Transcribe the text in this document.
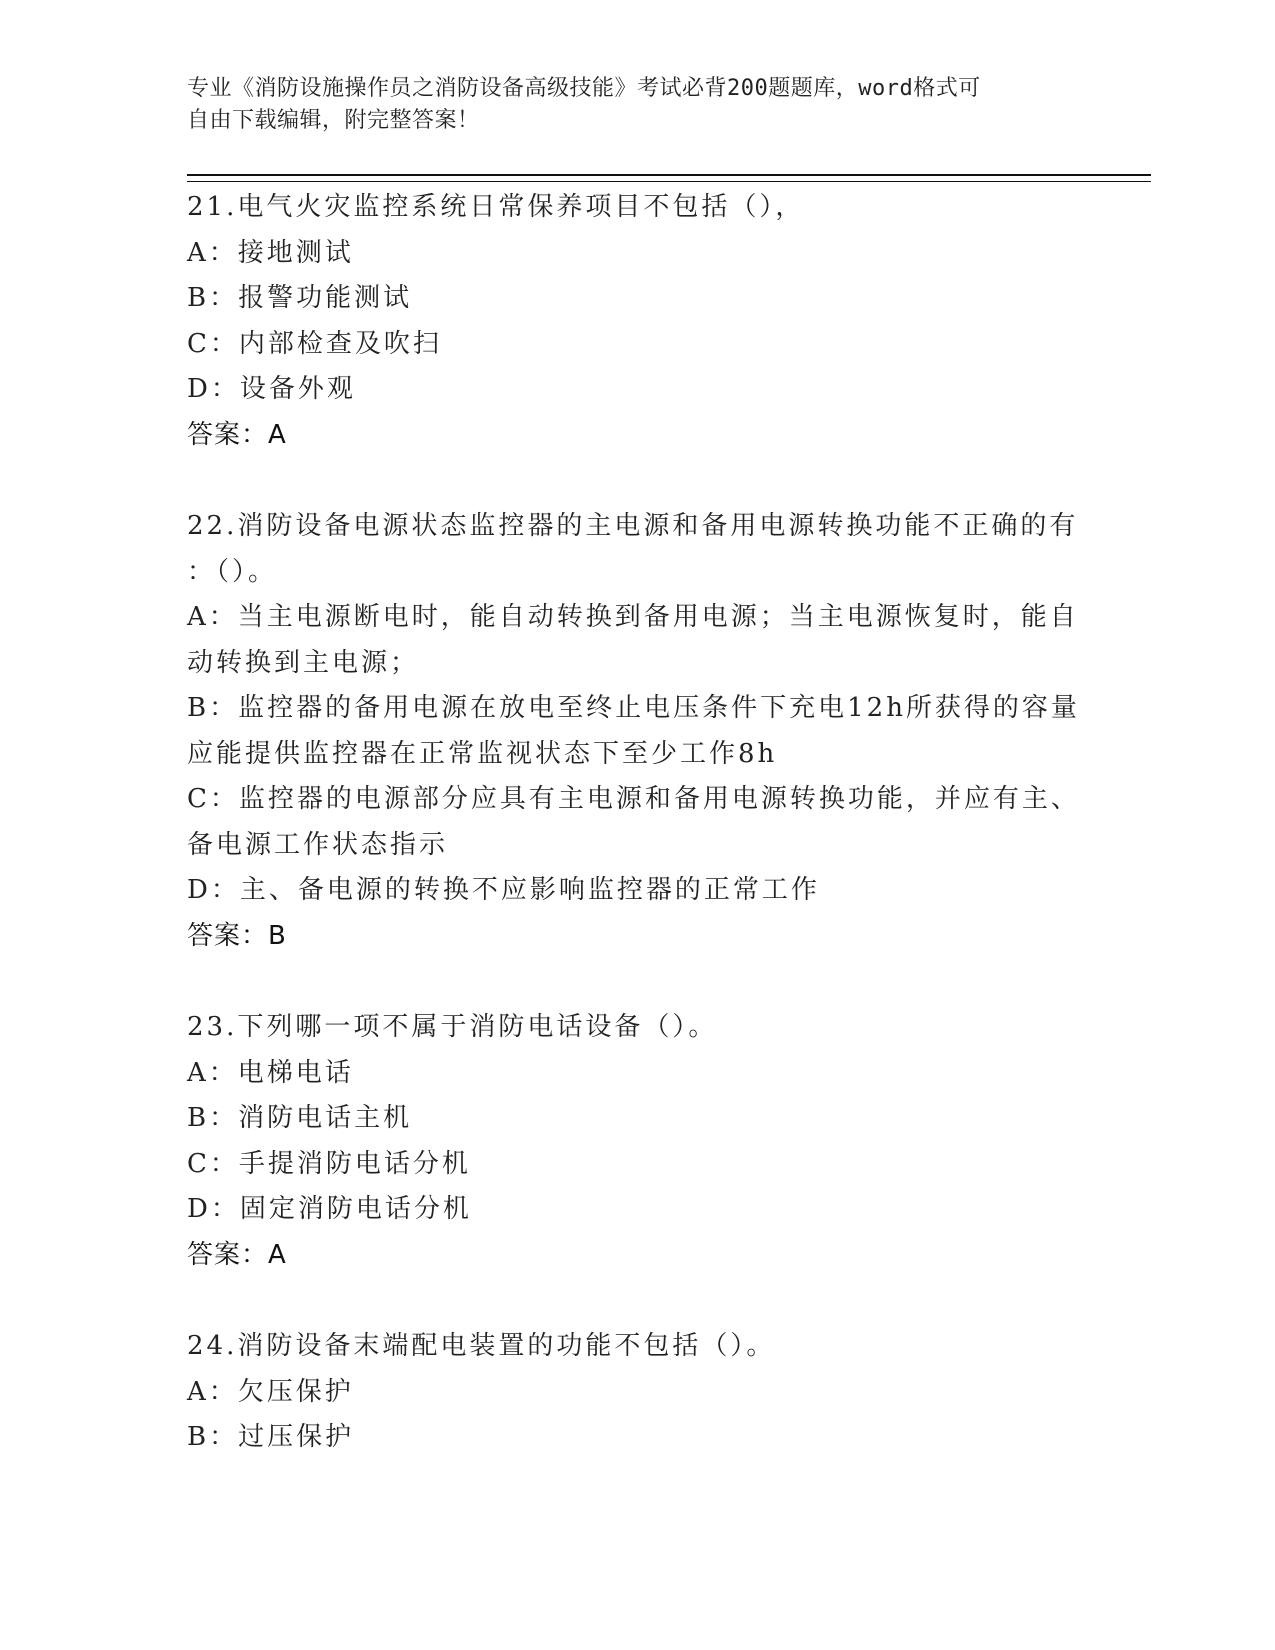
专业《消防设施操作员之消防设备高级技能》考试必背200题题库，word格式可
自由下载编辑，附完整答案！
21.电气火灾监控系统日常保养项目不包括（），
A：接地测试
B：报警功能测试
C：内部检查及吹扫
D：设备外观
答案：A
22.消防设备电源状态监控器的主电源和备用电源转换功能不正确的有
：（）。
A：当主电源断电时，能自动转换到备用电源；当主电源恢复时，能自
动转换到主电源；
B：监控器的备用电源在放电至终止电压条件下充电12h所获得的容量
应能提供监控器在正常监视状态下至少工作8h
C：监控器的电源部分应具有主电源和备用电源转换功能，并应有主、
备电源工作状态指示
D：主、备电源的转换不应影响监控器的正常工作
答案：B
23.下列哪一项不属于消防电话设备（）。
A：电梯电话
B：消防电话主机
C：手提消防电话分机
D：固定消防电话分机
答案：A
24.消防设备末端配电装置的功能不包括（）。
A：欠压保护
B：过压保护
